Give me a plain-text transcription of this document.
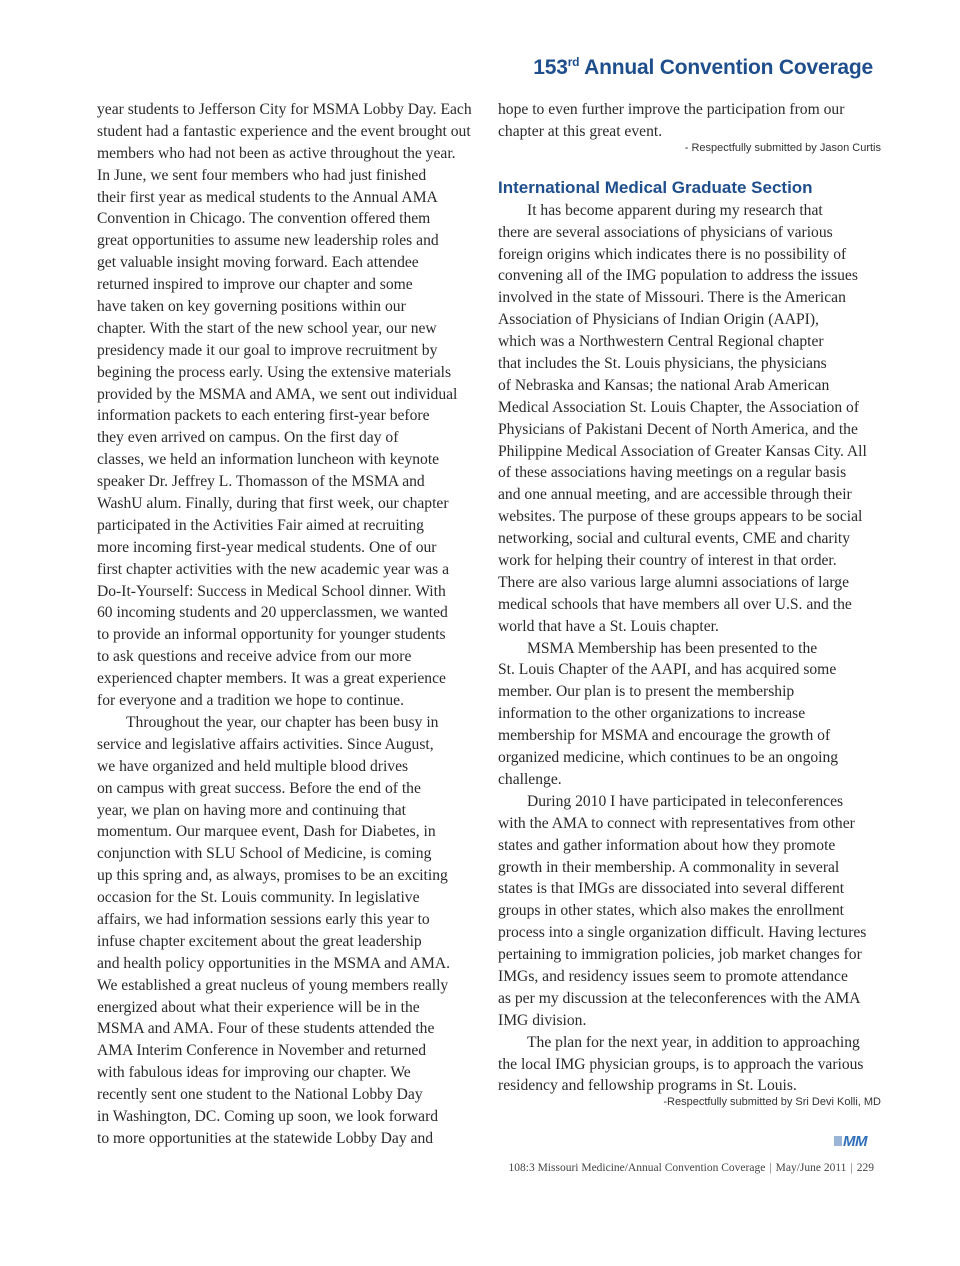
153rd Annual Convention Coverage
year students to Jefferson City for MSMA Lobby Day. Each
student had a fantastic experience and the event brought out
members who had not been as active throughout the year.
In June, we sent four members who had just finished
their first year as medical students to the Annual AMA
Convention in Chicago. The convention offered them
great opportunities to assume new leadership roles and
get valuable insight moving forward. Each attendee
returned inspired to improve our chapter and some
have taken on key governing positions within our
chapter. With the start of the new school year, our new
presidency made it our goal to improve recruitment by
begining the process early. Using the extensive materials
provided by the MSMA and AMA, we sent out individual
information packets to each entering first-year before
they even arrived on campus. On the first day of
classes, we held an information luncheon with keynote
speaker Dr. Jeffrey L. Thomasson of the MSMA and
WashU alum. Finally, during that first week, our chapter
participated in the Activities Fair aimed at recruiting
more incoming first-year medical students. One of our
first chapter activities with the new academic year was a
Do-It-Yourself: Success in Medical School dinner. With
60 incoming students and 20 upperclassmen, we wanted
to provide an informal opportunity for younger students
to ask questions and receive advice from our more
experienced chapter members. It was a great experience
for everyone and a tradition we hope to continue.
Throughout the year, our chapter has been busy in
service and legislative affairs activities. Since August,
we have organized and held multiple blood drives
on campus with great success. Before the end of the
year, we plan on having more and continuing that
momentum. Our marquee event, Dash for Diabetes, in
conjunction with SLU School of Medicine, is coming
up this spring and, as always, promises to be an exciting
occasion for the St. Louis community. In legislative
affairs, we had information sessions early this year to
infuse chapter excitement about the great leadership
and health policy opportunities in the MSMA and AMA.
We established a great nucleus of young members really
energized about what their experience will be in the
MSMA and AMA. Four of these students attended the
AMA Interim Conference in November and returned
with fabulous ideas for improving our chapter. We
recently sent one student to the National Lobby Day
in Washington, DC. Coming up soon, we look forward
to more opportunities at the statewide Lobby Day and
hope to even further improve the participation from our
chapter at this great event.
- Respectfully submitted by Jason Curtis
International Medical Graduate Section
It has become apparent during my research that
there are several associations of physicians of various
foreign origins which indicates there is no possibility of
convening all of the IMG population to address the issues
involved in the state of Missouri. There is the American
Association of Physicians of Indian Origin (AAPI),
which was a Northwestern Central Regional chapter
that includes the St. Louis physicians, the physicians
of Nebraska and Kansas; the national Arab American
Medical Association St. Louis Chapter, the Association of
Physicians of Pakistani Decent of North America, and the
Philippine Medical Association of Greater Kansas City. All
of these associations having meetings on a regular basis
and one annual meeting, and are accessible through their
websites. The purpose of these groups appears to be social
networking, social and cultural events, CME and charity
work for helping their country of interest in that order.
There are also various large alumni associations of large
medical schools that have members all over U.S. and the
world that have a St. Louis chapter.
MSMA Membership has been presented to the
St. Louis Chapter of the AAPI, and has acquired some
member. Our plan is to present the membership
information to the other organizations to increase
membership for MSMA and encourage the growth of
organized medicine, which continues to be an ongoing
challenge.
During 2010 I have participated in teleconferences
with the AMA to connect with representatives from other
states and gather information about how they promote
growth in their membership. A commonality in several
states is that IMGs are dissociated into several different
groups in other states, which also makes the enrollment
process into a single organization difficult. Having lectures
pertaining to immigration policies, job market changes for
IMGs, and residency issues seem to promote attendance
as per my discussion at the teleconferences with the AMA
IMG division.
The plan for the next year, in addition to approaching
the local IMG physician groups, is to approach the various
residency and fellowship programs in St. Louis.
-Respectfully submitted by Sri Devi Kolli, MD
MM
108:3 Missouri Medicine/Annual Convention Coverage | May/June 2011 | 229
